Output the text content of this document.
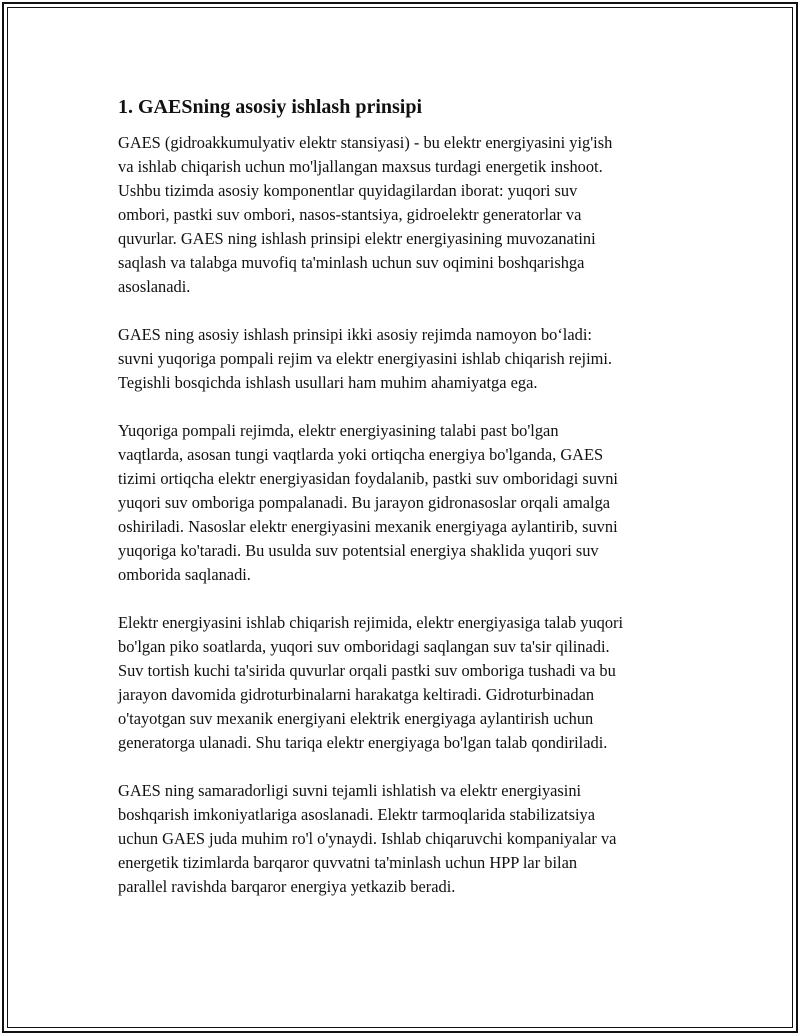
1. GAESning asosiy ishlash prinsipi

GAES (gidroakkumulyativ elektr stansiyasi) - bu elektr energiyasini yig'ish
va ishlab chiqarish uchun mo'ljallangan maxsus turdagi energetik inshoot.
Ushbu tizimda asosiy komponentlar quyidagilardan iborat: yuqori suv
ombori, pastki suv ombori, nasos-stantsiya, gidroelektr generatorlar va
quvurlar. GAES ning ishlash prinsipi elektr energiyasining muvozanatini
saqlash va talabga muvofiq ta'minlash uchun suv oqimini boshqarishga
asoslanadi.

GAES ning asosiy ishlash prinsipi ikki asosiy rejimda namoyon bo‘ladi:
suvni yuqoriga pompali rejim va elektr energiyasini ishlab chiqarish rejimi.
Tegishli bosqichda ishlash usullari ham muhim ahamiyatga ega.

Yuqoriga pompali rejimda, elektr energiyasining talabi past bo'lgan
vaqtlarda, asosan tungi vaqtlarda yoki ortiqcha energiya bo'lganda, GAES
tizimi ortiqcha elektr energiyasidan foydalanib, pastki suv omboridagi suvni
yuqori suv omboriga pompalanadi. Bu jarayon gidronasoslar orqali amalga
oshiriladi. Nasoslar elektr energiyasini mexanik energiyaga aylantirib, suvni
yuqoriga ko'taradi. Bu usulda suv potentsial energiya shaklida yuqori suv
omborida saqlanadi.

Elektr energiyasini ishlab chiqarish rejimida, elektr energiyasiga talab yuqori
bo'lgan piko soatlarda, yuqori suv omboridagi saqlangan suv ta'sir qilinadi.
Suv tortish kuchi ta'sirida quvurlar orqali pastki suv omboriga tushadi va bu
jarayon davomida gidroturbinalarni harakatga keltiradi. Gidroturbinadan
o'tayotgan suv mexanik energiyani elektrik energiyaga aylantirish uchun
generatorga ulanadi. Shu tariqa elektr energiyaga bo'lgan talab qondiriladi.

GAES ning samaradorligi suvni tejamli ishlatish va elektr energiyasini
boshqarish imkoniyatlariga asoslanadi. Elektr tarmoqlarida stabilizatsiya
uchun GAES juda muhim ro'l o'ynaydi. Ishlab chiqaruvchi kompaniyalar va
energetik tizimlarda barqaror quvvatni ta'minlash uchun HPP lar bilan
parallel ravishda barqaror energiya yetkazib beradi.
